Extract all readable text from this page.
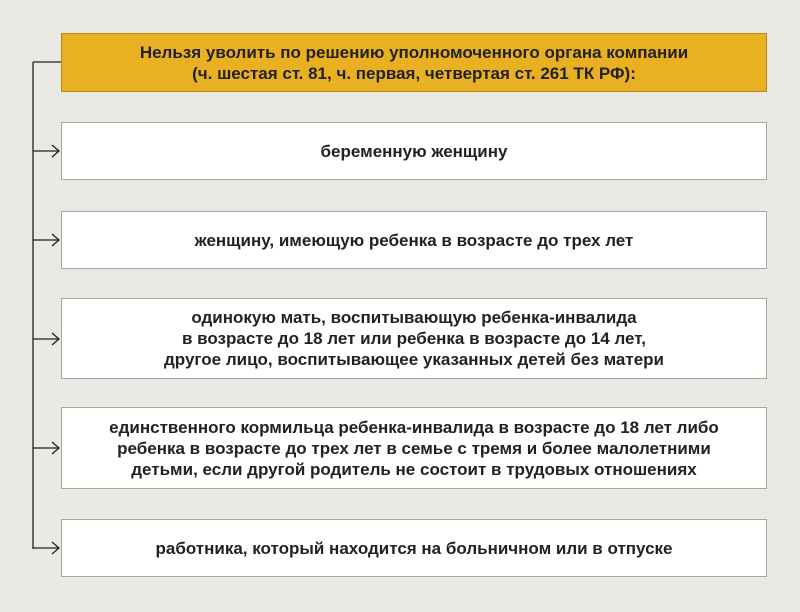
Нельзя уволить по решению уполномоченного органа компании
(ч. шестая ст. 81, ч. первая, четвертая ст. 261 ТК РФ):
беременную женщину
женщину, имеющую ребенка в возрасте до трех лет
одинокую мать, воспитывающую ребенка-инвалида
в возрасте до 18 лет или ребенка в возрасте до 14 лет,
другое лицо, воспитывающее указанных детей без матери
единственного кормильца ребенка-инвалида в возрасте до 18 лет либо
ребенка в возрасте до трех лет в семье с тремя и более малолетними
детьми, если другой родитель не состоит в трудовых отношениях
работника, который находится на больничном или в отпуске
